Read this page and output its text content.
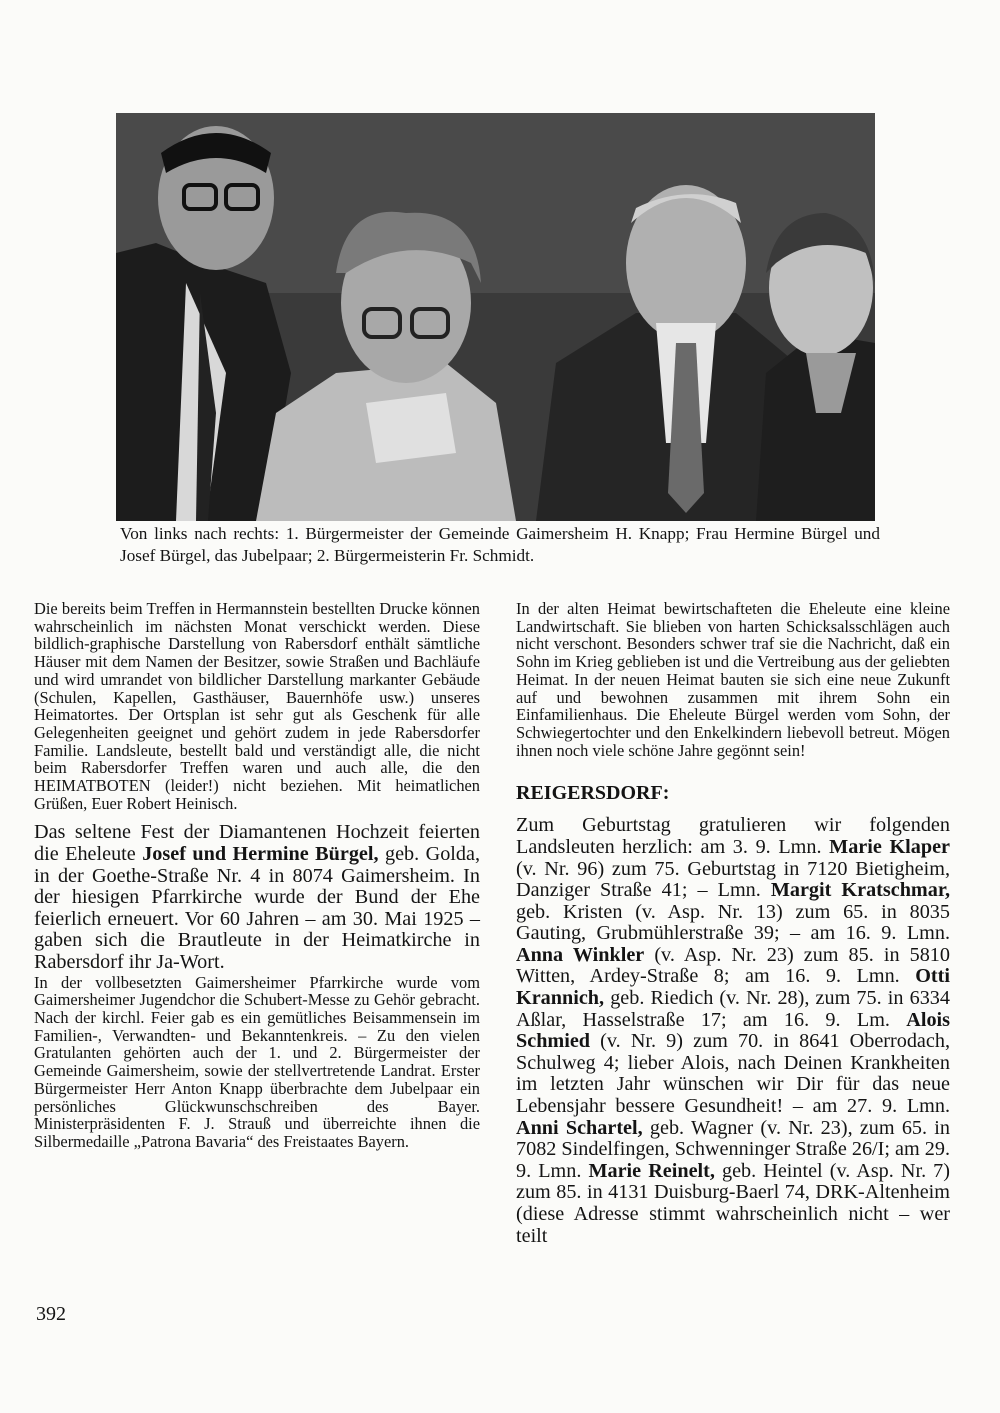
Von links nach rechts: 1. Bürgermeister der Gemeinde Gaimersheim H. Knapp; Frau Hermine Bürgel und Josef Bürgel, das Jubelpaar; 2. Bürgermeisterin Fr. Schmidt.

Die bereits beim Treffen in Hermannstein bestellten Drucke können wahrscheinlich im nächsten Monat verschickt werden. Diese bildlich-graphische Darstellung von Rabersdorf enthält sämtliche Häuser mit dem Namen der Besitzer, sowie Straßen und Bachläufe und wird umrandet von bildlicher Darstellung markanter Gebäude (Schulen, Kapellen, Gasthäuser, Bauernhöfe usw.) unseres Heimatortes. Der Ortsplan ist sehr gut als Geschenk für alle Gelegenheiten geeignet und gehört zudem in jede Rabersdorfer Familie. Landsleute, bestellt bald und verständigt alle, die nicht beim Rabersdorfer Treffen waren und auch alle, die den HEIMATBOTEN (leider!) nicht beziehen. Mit heimatlichen Grüßen, Euer Robert Heinisch.

Das seltene Fest der Diamantenen Hochzeit feierten die Eheleute Josef und Hermine Bürgel, geb. Golda, in der Goethe-Straße Nr. 4 in 8074 Gaimersheim. In der hiesigen Pfarrkirche wurde der Bund der Ehe feierlich erneuert. Vor 60 Jahren – am 30. Mai 1925 – gaben sich die Brautleute in der Heimatkirche in Rabersdorf ihr Ja-Wort.

In der vollbesetzten Gaimersheimer Pfarrkirche wurde vom Gaimersheimer Jugendchor die Schubert-Messe zu Gehör gebracht. Nach der kirchl. Feier gab es ein gemütliches Beisammensein im Familien-, Verwandten- und Bekanntenkreis. – Zu den vielen Gratulanten gehörten auch der 1. und 2. Bürgermeister der Gemeinde Gaimersheim, sowie der stellvertretende Landrat. Erster Bürgermeister Herr Anton Knapp überbrachte dem Jubelpaar ein persönliches Glückwunschschreiben des Bayer. Ministerpräsidenten F. J. Strauß und überreichte ihnen die Silbermedaille „Patrona Bavaria“ des Freistaates Bayern.

In der alten Heimat bewirtschafteten die Eheleute eine kleine Landwirtschaft. Sie blieben von harten Schicksalsschlägen auch nicht verschont. Besonders schwer traf sie die Nachricht, daß ein Sohn im Krieg geblieben ist und die Vertreibung aus der geliebten Heimat. In der neuen Heimat bauten sie sich eine neue Zukunft auf und bewohnen zusammen mit ihrem Sohn ein Einfamilienhaus. Die Eheleute Bürgel werden vom Sohn, der Schwiegertochter und den Enkelkindern liebevoll betreut. Mögen ihnen noch viele schöne Jahre gegönnt sein!

REIGERSDORF:

Zum Geburtstag gratulieren wir folgenden Landsleuten herzlich: am 3. 9. Lmn. Marie Klaper (v. Nr. 96) zum 75. Geburtstag in 7120 Bietigheim, Danziger Straße 41; – Lmn. Margit Kratschmar, geb. Kristen (v. Asp. Nr. 13) zum 65. in 8035 Gauting, Grubmühlerstraße 39; – am 16. 9. Lmn. Anna Winkler (v. Asp. Nr. 23) zum 85. in 5810 Witten, Ardey-Straße 8; am 16. 9. Lmn. Otti Krannich, geb. Riedich (v. Nr. 28), zum 75. in 6334 Aßlar, Hasselstraße 17; am 16. 9. Lm. Alois Schmied (v. Nr. 9) zum 70. in 8641 Oberrodach, Schulweg 4; lieber Alois, nach Deinen Krankheiten im letzten Jahr wünschen wir Dir für das neue Lebensjahr bessere Gesundheit! – am 27. 9. Lmn. Anni Schartel, geb. Wagner (v. Nr. 23), zum 65. in 7082 Sindelfingen, Schwenninger Straße 26/I; am 29. 9. Lmn. Marie Reinelt, geb. Heintel (v. Asp. Nr. 7) zum 85. in 4131 Duisburg-Baerl 74, DRK-Altenheim (diese Adresse stimmt wahrscheinlich nicht – wer teilt

392
